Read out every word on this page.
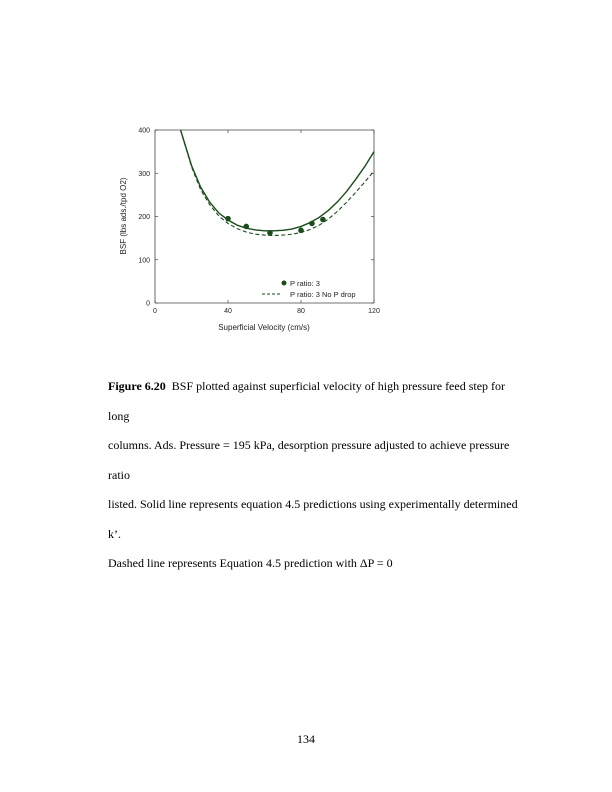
0
100
200
300
400
0	40	80	120
Superficial Velocity (cm/s)
BSF (lbs ads./tpd O2)
P ratio: 3
P ratio: 3 No P drop

Figure 6.20 BSF plotted against superficial velocity of high pressure feed step for long

columns. Ads. Pressure = 195 kPa, desorption pressure adjusted to achieve pressure ratio

listed. Solid line represents equation 4.5 predictions using experimentally determined k’.

Dashed line represents Equation 4.5 prediction with ΔP = 0

134
